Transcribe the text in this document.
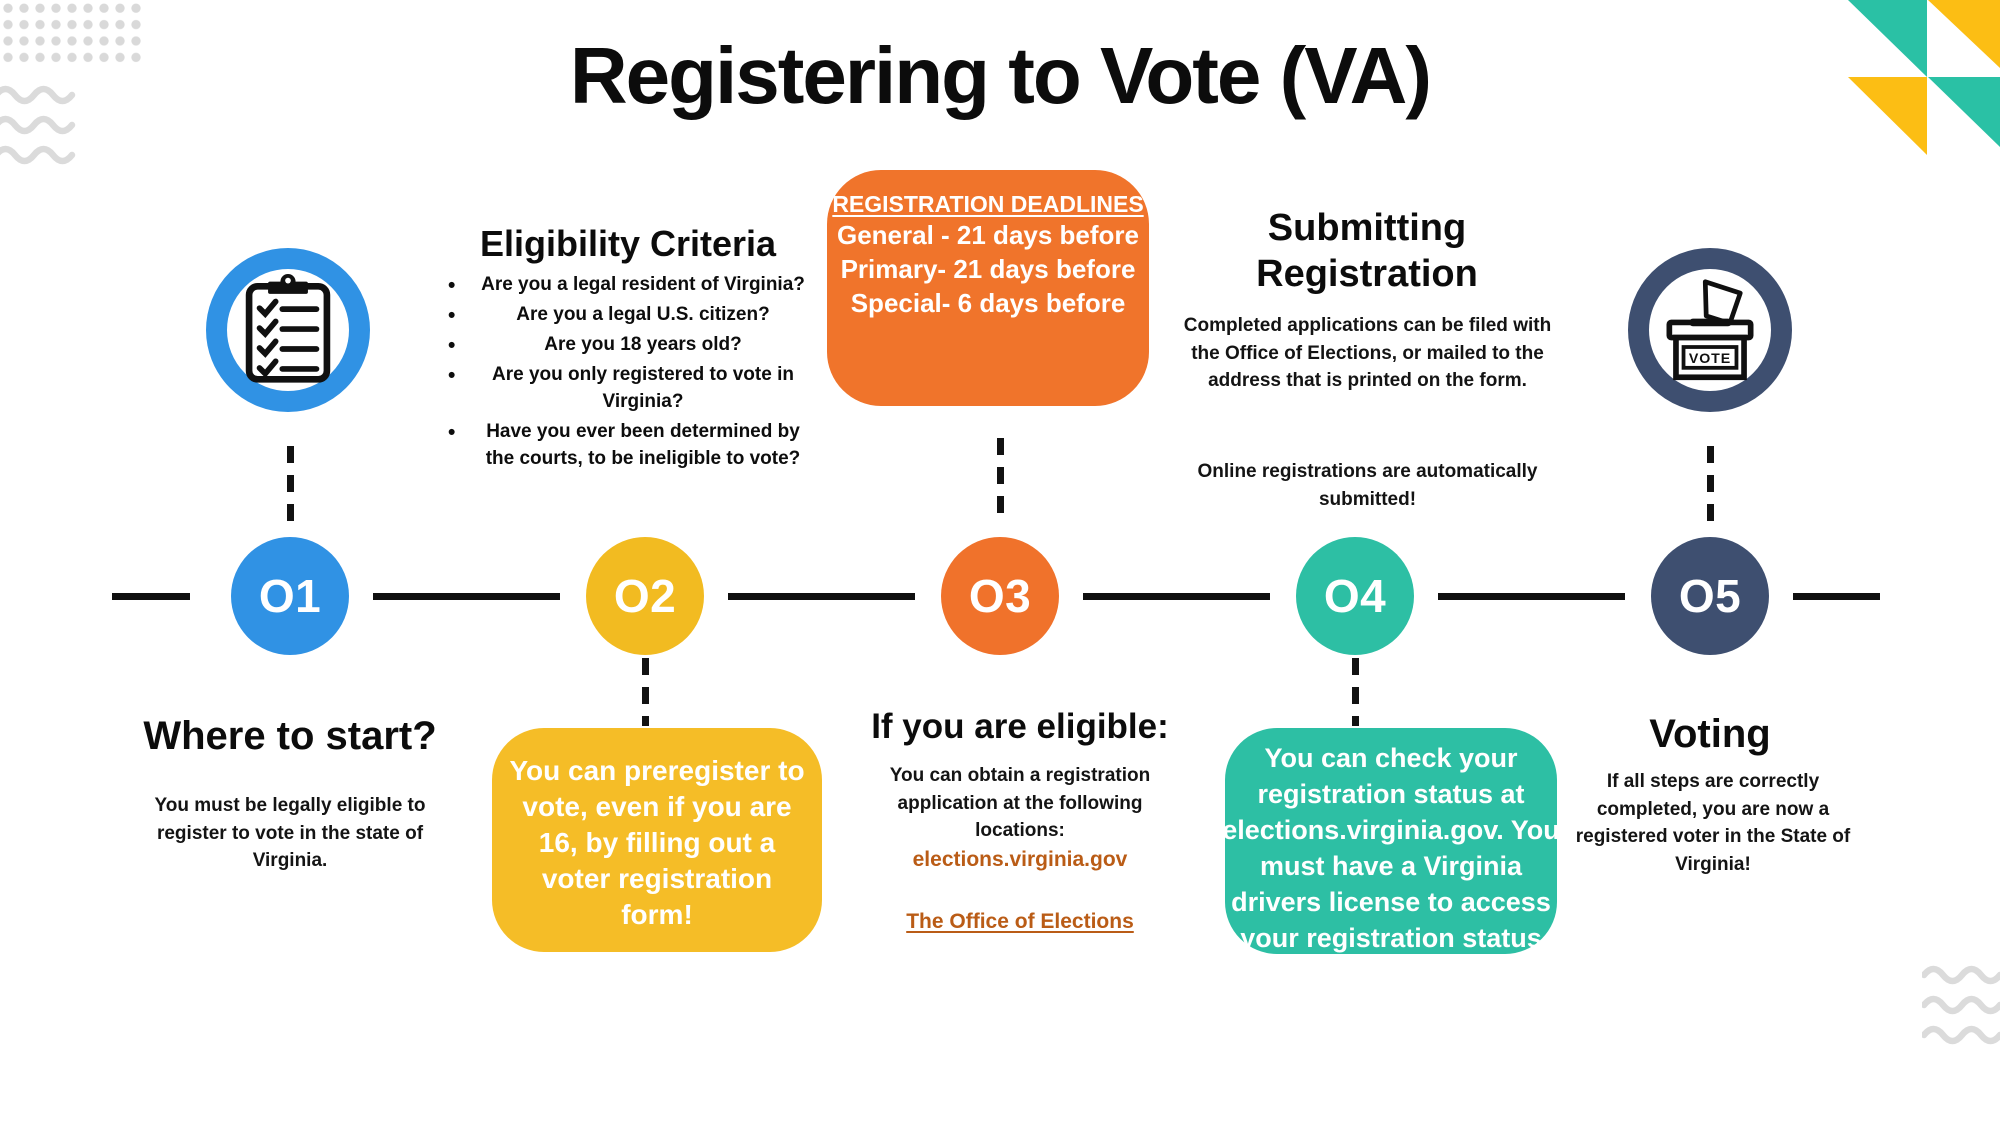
Registering to Vote (VA)
Eligibility Criteria
• Are you a legal resident of Virginia?
• Are you a legal U.S. citizen?
• Are you 18 years old?
• Are you only registered to vote in Virginia?
• Have you ever been determined by the courts, to be ineligible to vote?
REGISTRATION DEADLINES
General - 21 days before
Primary- 21 days before
Special- 6 days before
Submitting Registration
Completed applications can be filed with the Office of Elections, or mailed to the address that is printed on the form.
Online registrations are automatically submitted!
VOTE
O1	O2	O3	O4	O5
Where to start?
You must be legally eligible to register to vote in the state of Virginia.
You can preregister to vote, even if you are 16, by filling out a voter registration form!
If you are eligible:
You can obtain a registration application at the following locations:
elections.virginia.gov
The Office of Elections
You can check your registration status at elections.virginia.gov. You must have a Virginia drivers license to access your registration status
Voting
If all steps are correctly completed, you are now a registered voter in the State of Virginia!
